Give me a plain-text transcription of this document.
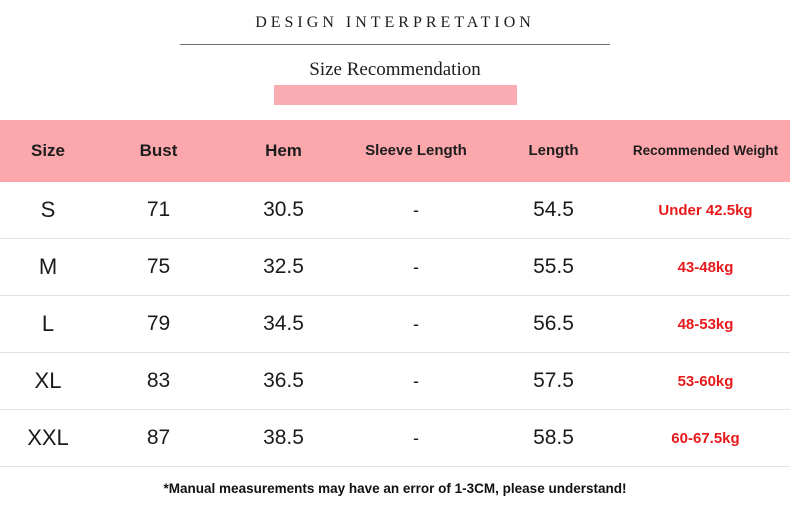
DESIGN INTERPRETATION
Size Recommendation
Size	Bust	Hem	Sleeve Length	Length	Recommended Weight
S	71	30.5	-	54.5	Under 42.5kg
M	75	32.5	-	55.5	43-48kg
L	79	34.5	-	56.5	48-53kg
XL	83	36.5	-	57.5	53-60kg
XXL	87	38.5	-	58.5	60-67.5kg
*Manual measurements may have an error of 1-3CM, please understand!
